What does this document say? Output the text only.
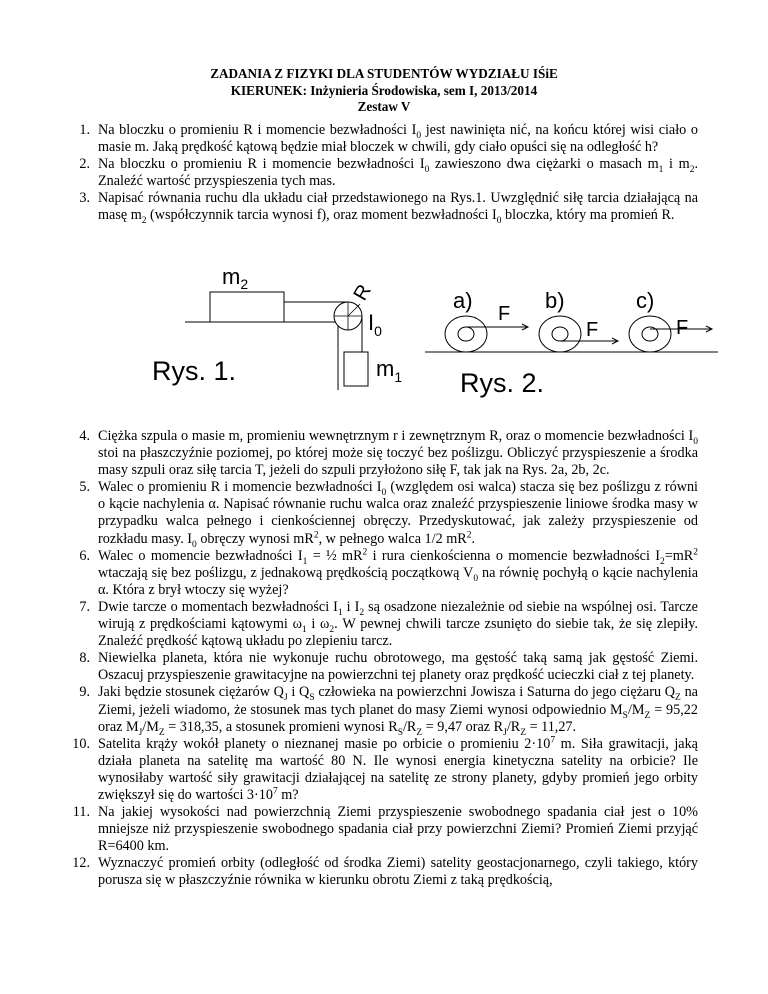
ZADANIA Z FIZYKI DLA STUDENTÓW WYDZIAŁU IŚiE
KIERUNEK: Inżynieria Środowiska, sem I, 2013/2014
Zestaw V
1. Na bloczku o promieniu R i momencie bezwładności $I_0$ jest nawinięta nić, na końcu której wisi ciało o masie m. Jaką prędkość kątową będzie miał bloczek w chwili, gdy ciało opuści się na odległość h?
2. Na bloczku o promieniu R i momencie bezwładności $I_0$ zawieszono dwa ciężarki o masach $m_1$ i $m_2$. Znaleźć wartość przyspieszenia tych mas.
3. Napisać równania ruchu dla układu ciał przedstawionego na Rys.1. Uwzględnić siłę tarcia działającą na masę $m_2$ (współczynnik tarcia wynosi f), oraz moment bezwładności $I_0$ bloczka, który ma promień R.
$m_2$	R
$I_0$
$m_1$
Rys. 1.
a)	b)	c)
F
F	F
Rys. 2.
4. Ciężka szpula o masie m, promieniu wewnętrznym r i zewnętrznym R, oraz o momencie bezwładności $I_0$ stoi na płaszczyźnie poziomej, po której może się toczyć bez poślizgu. Obliczyć przyspieszenie a środka masy szpuli oraz siłę tarcia T, jeżeli do szpuli przyłożono siłę F, tak jak na Rys. 2a, 2b, 2c.
5. Walec o promieniu R i momencie bezwładności $I_0$ (względem osi walca) stacza się bez poślizgu z równi o kącie nachylenia α. Napisać równanie ruchu walca oraz znaleźć przyspieszenie liniowe środka masy w przypadku walca pełnego i cienkościennej obręczy. Przedyskutować, jak zależy przyspieszenie od rozkładu masy. $I_0$ obręczy wynosi $mR^2$, w pełnego walca 1/2 $mR^2$.
6. Walec o momencie bezwładności $I_1$ = ½ $mR^2$ i rura cienkościenna o momencie bezwładności $I_2=mR^2$ wtaczają się bez poślizgu, z jednakową prędkością początkową $V_0$ na równię pochyłą o kącie nachylenia α. Która z brył wtoczy się wyżej?
7. Dwie tarcze o momentach bezwładności $I_1$ i $I_2$ są osadzone niezależnie od siebie na wspólnej osi. Tarcze wirują z prędkościami kątowymi $\omega_1$ i $\omega_2$. W pewnej chwili tarcze zsunięto do siebie tak, że się zlepiły. Znaleźć prędkość kątową układu po zlepieniu tarcz.
8. Niewielka planeta, która nie wykonuje ruchu obrotowego, ma gęstość taką samą jak gęstość Ziemi. Oszacuj przyspieszenie grawitacyjne na powierzchni tej planety oraz prędkość ucieczki ciał z tej planety.
9. Jaki będzie stosunek ciężarów $Q_J$ i $Q_S$ człowieka na powierzchni Jowisza i Saturna do jego ciężaru $Q_Z$ na Ziemi, jeżeli wiadomo, że stosunek mas tych planet do masy Ziemi wynosi odpowiednio $M_S/M_Z = 95,22$ oraz $M_J/M_Z = 318,35$, a stosunek promieni wynosi $R_S/R_Z = 9,47$ oraz $R_J/R_Z = 11,27$.
10. Satelita krąży wokół planety o nieznanej masie po orbicie o promieniu $2\cdot 10^7$ m. Siła grawitacji, jaką działa planeta na satelitę ma wartość 80 N. Ile wynosi energia kinetyczna satelity na orbicie? Ile wynosiłaby wartość siły grawitacji działającej na satelitę ze strony planety, gdyby promień jego orbity zwiększył się do wartości $3\cdot 10^7$ m?
11. Na jakiej wysokości nad powierzchnią Ziemi przyspieszenie swobodnego spadania ciał jest o 10% mniejsze niż przyspieszenie swobodnego spadania ciał przy powierzchni Ziemi? Promień Ziemi przyjąć R=6400 km.
12. Wyznaczyć promień orbity (odległość od środka Ziemi) satelity geostacjonarnego, czyli takiego, który porusza się w płaszczyźnie równika w kierunku obrotu Ziemi z taką prędkością,
